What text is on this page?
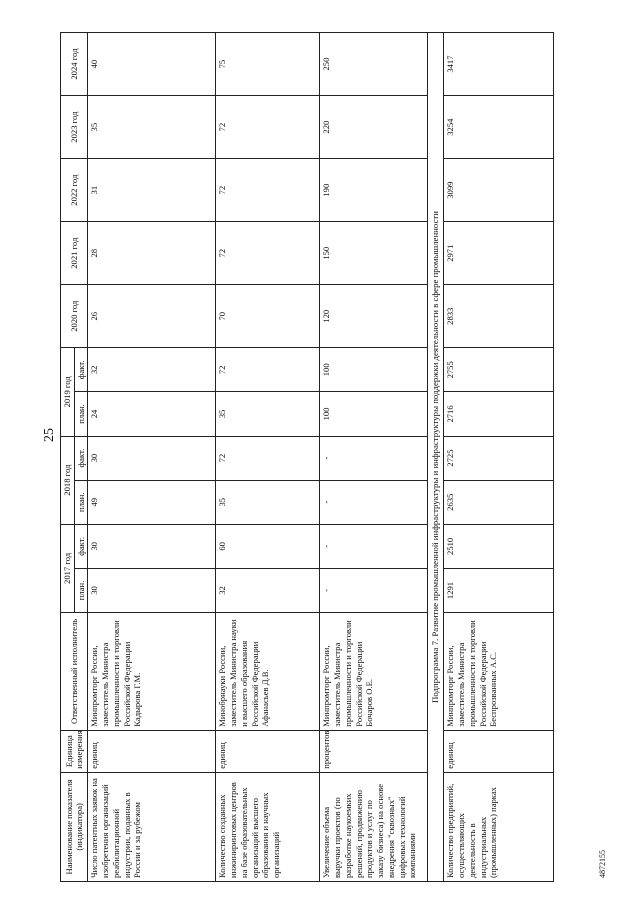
25
4872155
Наименование показателя (индикатора)	Единица измерения	Ответственный исполнитель	2017 год		2018 год		2019 год		2020 год	2021 год	2022 год	2023 год	2024 год
			план.	факт.	план.	факт.	план.	факт.					
Число патентных заявок на изобретения организаций реабилитационной индустрии, поданных в России и за рубежом	единиц	Минпромторг России, заместитель Министра промышленности и торговли Российской Федерации Кадырова Г.М.	30	30	49	30	24	32	26	28	31	35	40
Количество созданных инжиниринговых центров на базе образовательных организаций высшего образования и научных организаций	единиц	Минобрнауки России, заместитель Министра науки и высшего образования Российской Федерации Афанасьев Д.В.	32	60	35	72	35	72	70	72	72	72	75
Увеличение объема выручки проектов (по разработке наукоемких решений, продвижению продуктов и услуг по заказу бизнеса) на основе внедрения "сквозных" цифровых технологий компаниями	процентов	Минпромторг России, заместитель Министра промышленности и торговли Российской Федерации Бочаров О.Е.	-	-	-	-	100	100	120	150	190	220	250
Подпрограмма 7. Развитие промышленной инфраструктуры и инфраструктуры поддержки деятельности в сфере промышленности													
Количество предприятий, осуществляющих деятельность в индустриальных (промышленных) парках	единиц	Минпромторг России, заместитель Министра промышленности и торговли Российской Федерации Беспрозванных А.С.	1291	2510	2635	2725	2716	2755	2833	2971	3099	3254	3417
